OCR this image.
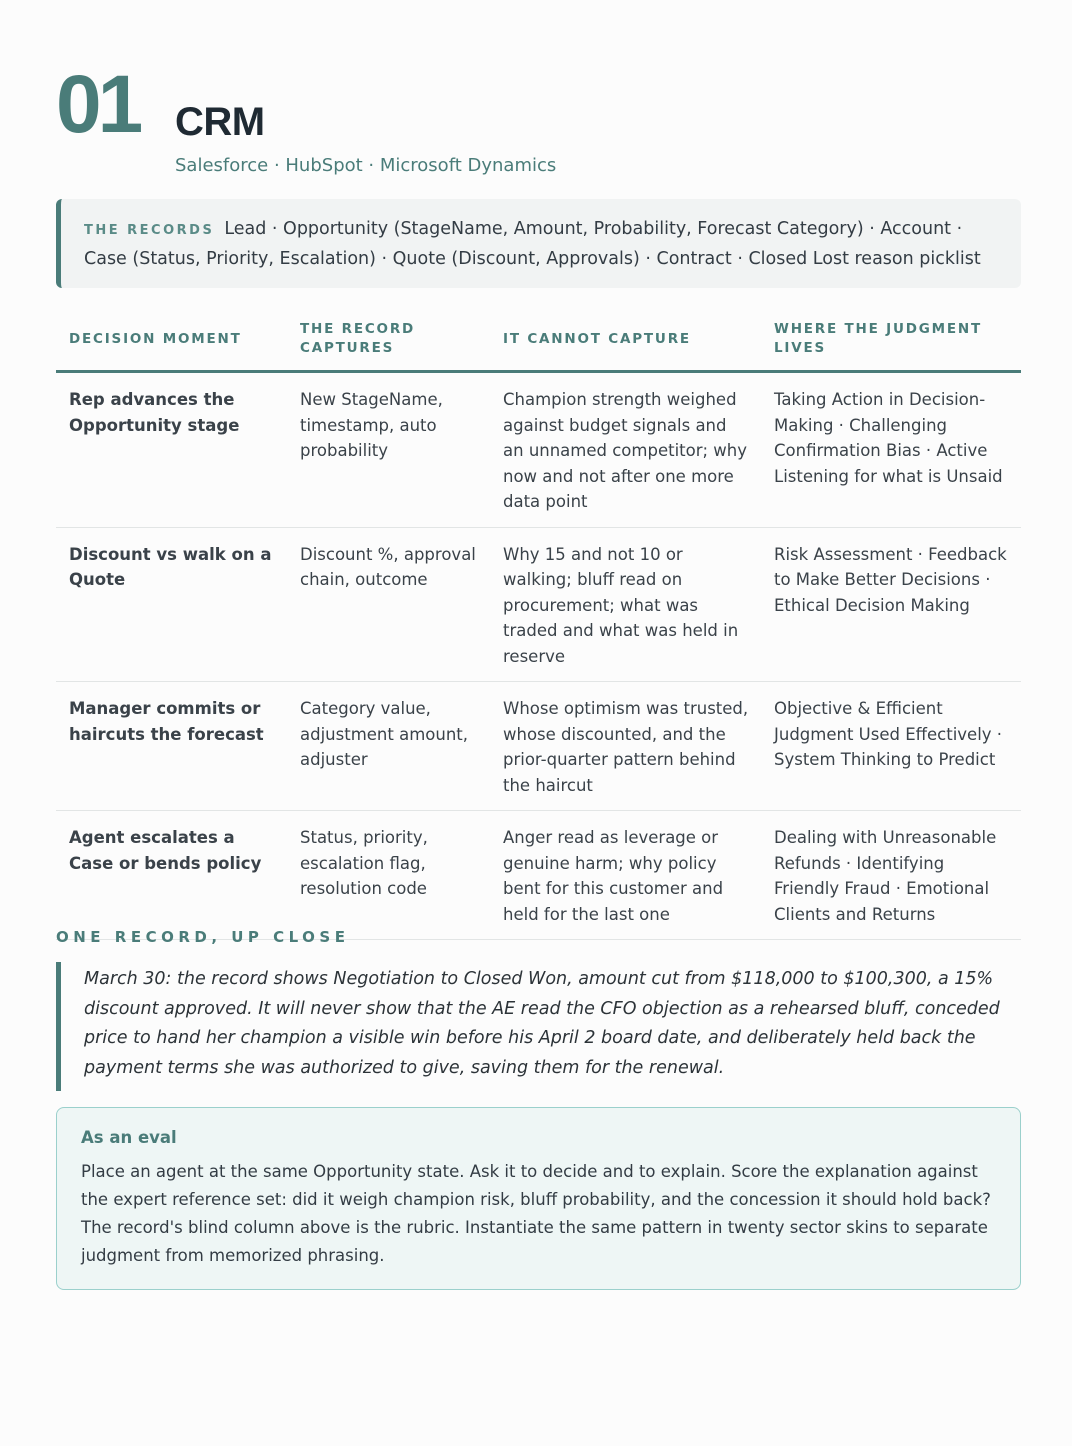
01 CRM
Salesforce · HubSpot · Microsoft Dynamics
THE RECORDS Lead · Opportunity (StageName, Amount, Probability, Forecast Category) · Account · Case (Status, Priority, Escalation) · Quote (Discount, Approvals) · Contract · Closed Lost reason picklist
DECISION MOMENT	THE RECORD CAPTURES	IT CANNOT CAPTURE	WHERE THE JUDGMENT LIVES
Rep advances the Opportunity stage	New StageName, timestamp, auto probability	Champion strength weighed against budget signals and an unnamed competitor; why now and not after one more data point	Taking Action in Decision-Making · Challenging Confirmation Bias · Active Listening for what is Unsaid
Discount vs walk on a Quote	Discount %, approval chain, outcome	Why 15 and not 10 or walking; bluff read on procurement; what was traded and what was held in reserve	Risk Assessment · Feedback to Make Better Decisions · Ethical Decision Making
Manager commits or haircuts the forecast	Category value, adjustment amount, adjuster	Whose optimism was trusted, whose discounted, and the prior-quarter pattern behind the haircut	Objective & Efficient Judgment Used Effectively · System Thinking to Predict
Agent escalates a Case or bends policy	Status, priority, escalation flag, resolution code	Anger read as leverage or genuine harm; why policy bent for this customer and held for the last one	Dealing with Unreasonable Refunds · Identifying Friendly Fraud · Emotional Clients and Returns
ONE RECORD, UP CLOSE
March 30: the record shows Negotiation to Closed Won, amount cut from $118,000 to $100,300, a 15% discount approved. It will never show that the AE read the CFO objection as a rehearsed bluff, conceded price to hand her champion a visible win before his April 2 board date, and deliberately held back the payment terms she was authorized to give, saving them for the renewal.
As an eval
Place an agent at the same Opportunity state. Ask it to decide and to explain. Score the explanation against the expert reference set: did it weigh champion risk, bluff probability, and the concession it should hold back? The record's blind column above is the rubric. Instantiate the same pattern in twenty sector skins to separate judgment from memorized phrasing.
